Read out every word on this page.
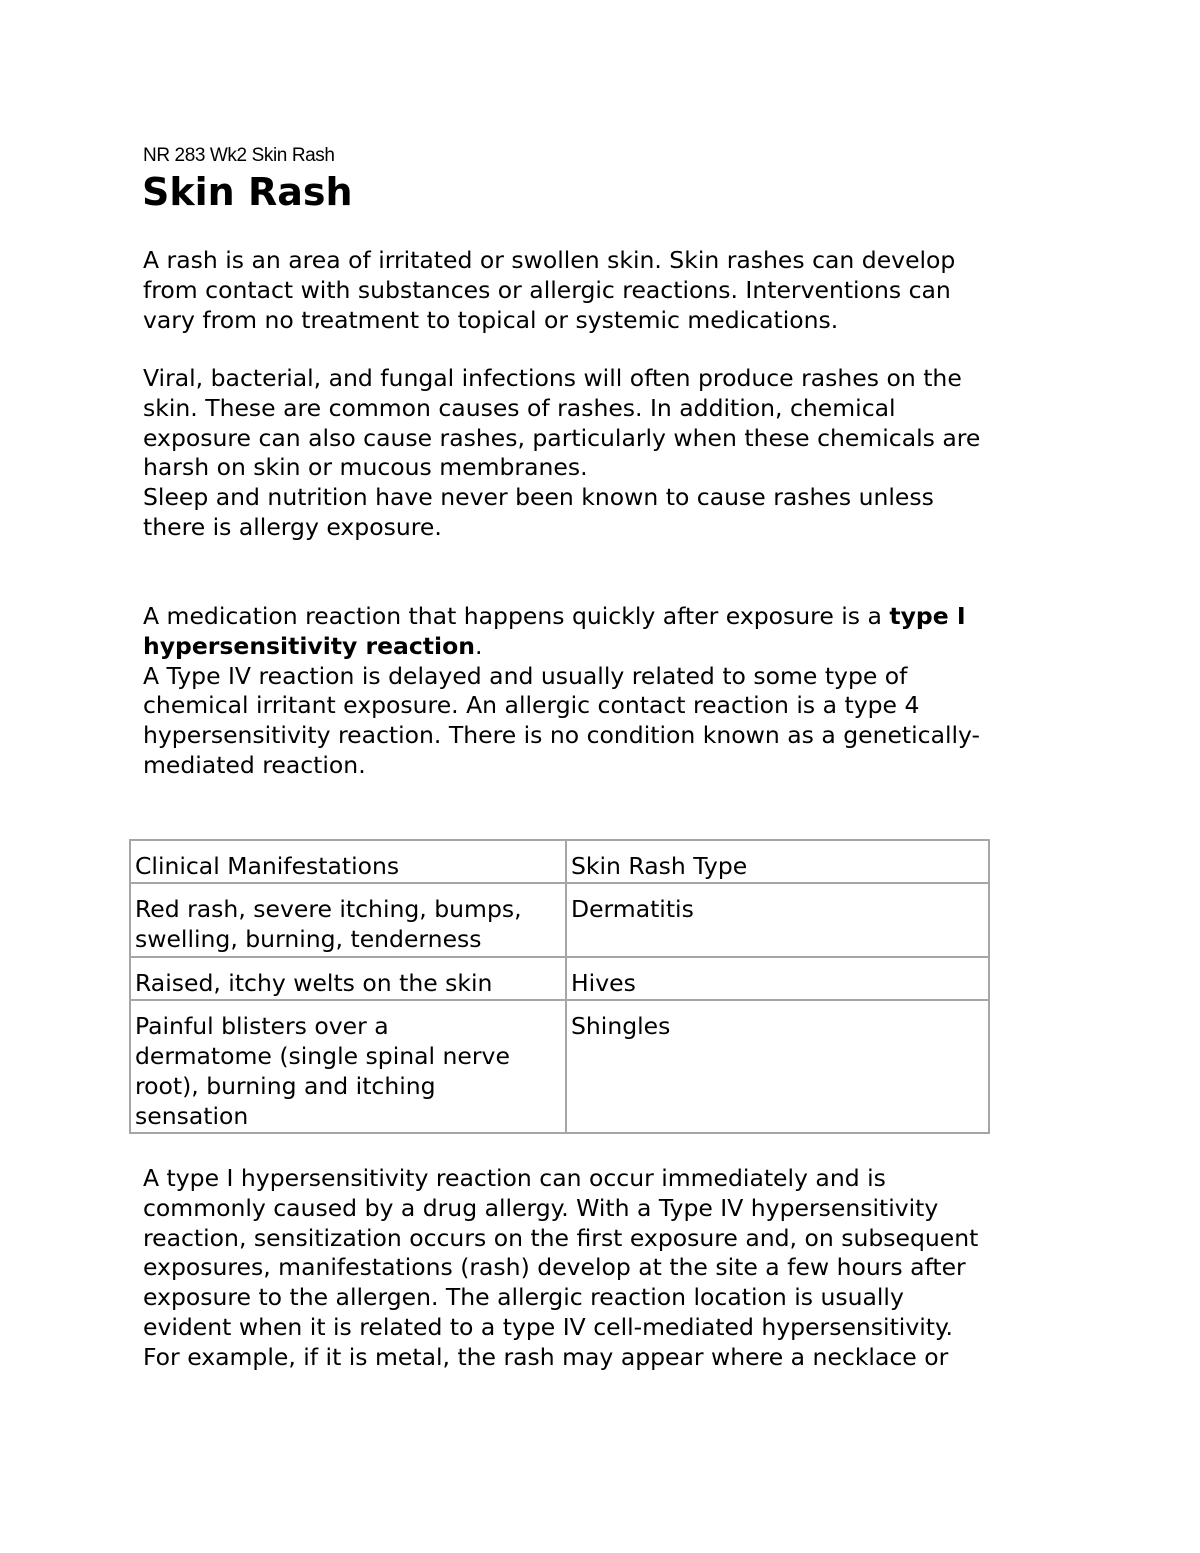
NR 283 Wk2 Skin Rash
Skin Rash

A rash is an area of irritated or swollen skin. Skin rashes can develop
from contact with substances or allergic reactions. Interventions can
vary from no treatment to topical or systemic medications.

Viral, bacterial, and fungal infections will often produce rashes on the
skin. These are common causes of rashes. In addition, chemical
exposure can also cause rashes, particularly when these chemicals are
harsh on skin or mucous membranes.
Sleep and nutrition have never been known to cause rashes unless
there is allergy exposure.

A medication reaction that happens quickly after exposure is a type I
hypersensitivity reaction.
A Type IV reaction is delayed and usually related to some type of
chemical irritant exposure. An allergic contact reaction is a type 4
hypersensitivity reaction. There is no condition known as a genetically-
mediated reaction.

Clinical Manifestations	Skin Rash Type
Red rash, severe itching, bumps,
swelling, burning, tenderness	Dermatitis
Raised, itchy welts on the skin	Hives
Painful blisters over a
dermatome (single spinal nerve
root), burning and itching
sensation	Shingles

A type I hypersensitivity reaction can occur immediately and is
commonly caused by a drug allergy. With a Type IV hypersensitivity
reaction, sensitization occurs on the first exposure and, on subsequent
exposures, manifestations (rash) develop at the site a few hours after
exposure to the allergen. The allergic reaction location is usually
evident when it is related to a type IV cell-mediated hypersensitivity.
For example, if it is metal, the rash may appear where a necklace or
